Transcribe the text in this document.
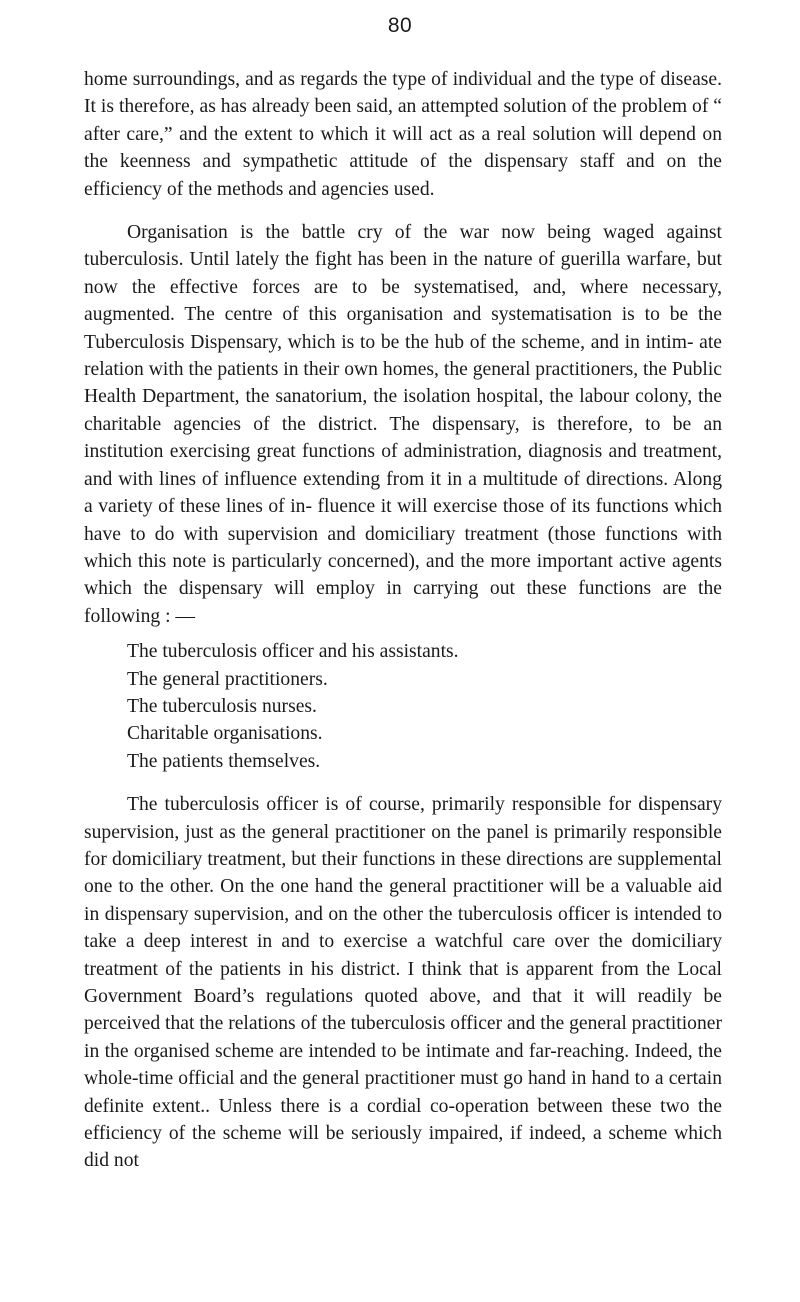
80

home surroundings, and as regards the type of individual and the type of disease. It is therefore, as has already been said, an attempted solution of the problem of “ after care,” and the extent to which it will act as a real solution will depend on the keenness and sympathetic attitude of the dispensary staff and on the efficiency of the methods and agencies used.

Organisation is the battle cry of the war now being waged against tuberculosis. Until lately the fight has been in the nature of guerilla warfare, but now the effective forces are to be systematised, and, where necessary, augmented. The centre of this organisation and systematisation is to be the Tuberculosis Dispensary, which is to be the hub of the scheme, and in intim- ate relation with the patients in their own homes, the general practitioners, the Public Health Department, the sanatorium, the isolation hospital, the labour colony, the charitable agencies of the district. The dispensary, is therefore, to be an institution exercising great functions of administration, diagnosis and treatment, and with lines of influence extending from it in a multitude of directions. Along a variety of these lines of in- fluence it will exercise those of its functions which have to do with supervision and domiciliary treatment (those functions with which this note is particularly concerned), and the more important active agents which the dispensary will employ in carrying out these functions are the following : —

The tuberculosis officer and his assistants.
The general practitioners.
The tuberculosis nurses.
Charitable organisations.
The patients themselves.

The tuberculosis officer is of course, primarily responsible for dispensary supervision, just as the general practitioner on the panel is primarily responsible for domiciliary treatment, but their functions in these directions are supplemental one to the other. On the one hand the general practitioner will be a valuable aid in dispensary supervision, and on the other the tuberculosis officer is intended to take a deep interest in and to exercise a watchful care over the domiciliary treatment of the patients in his district. I think that is apparent from the Local Government Board’s regulations quoted above, and that it will readily be perceived that the relations of the tuberculosis officer and the general practitioner in the organised scheme are intended to be intimate and far-reaching. Indeed, the whole-time official and the general practitioner must go hand in hand to a certain definite extent.. Unless there is a cordial co-operation between these two the efficiency of the scheme will be seriously impaired, if indeed, a scheme which did not
